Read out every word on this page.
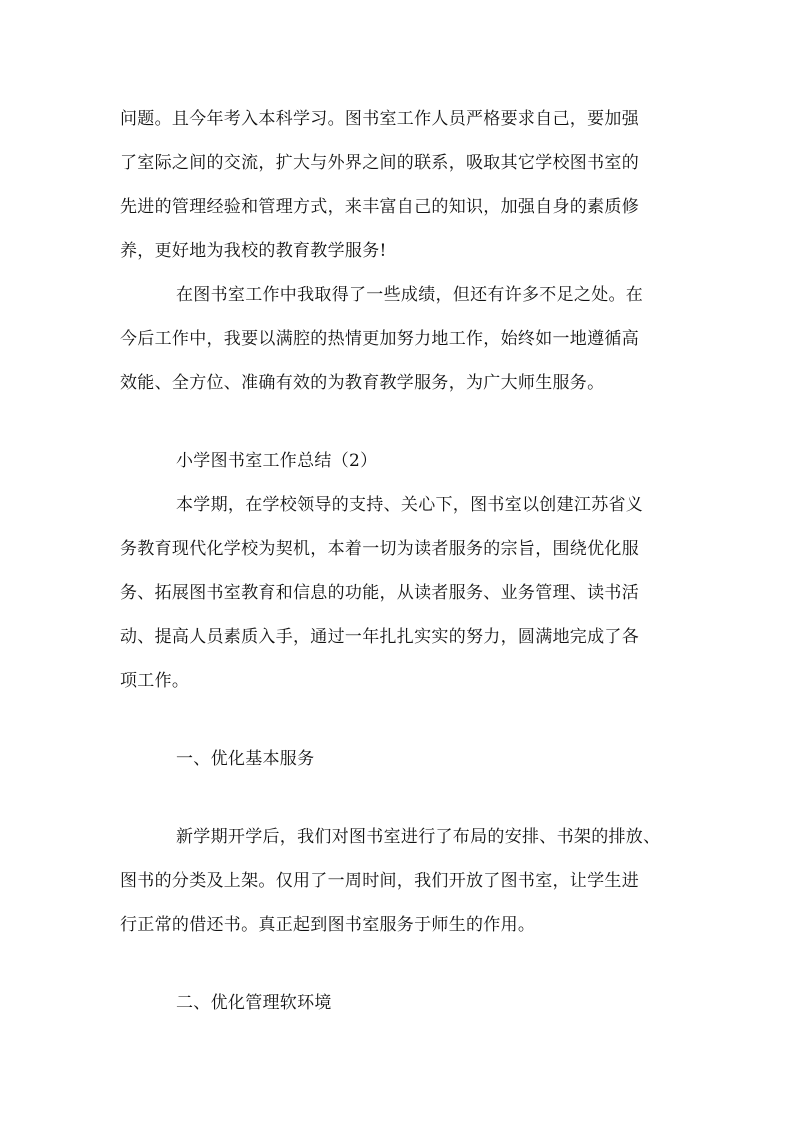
问题。且今年考入本科学习。图书室工作人员严格要求自己，要加强
了室际之间的交流，扩大与外界之间的联系，吸取其它学校图书室的
先进的管理经验和管理方式，来丰富自己的知识，加强自身的素质修
养，更好地为我校的教育教学服务!
在图书室工作中我取得了一些成绩，但还有许多不足之处。在
今后工作中，我要以满腔的热情更加努力地工作，始终如一地遵循高
效能、全方位、准确有效的为教育教学服务，为广大师生服务。
小学图书室工作总结（2）
本学期，在学校领导的支持、关心下，图书室以创建江苏省义
务教育现代化学校为契机，本着一切为读者服务的宗旨，围绕优化服
务、拓展图书室教育和信息的功能，从读者服务、业务管理、读书活
动、提高人员素质入手，通过一年扎扎实实的努力，圆满地完成了各
项工作。
一、优化基本服务
新学期开学后，我们对图书室进行了布局的安排、书架的排放、
图书的分类及上架。仅用了一周时间，我们开放了图书室，让学生进
行正常的借还书。真正起到图书室服务于师生的作用。
二、优化管理软环境
